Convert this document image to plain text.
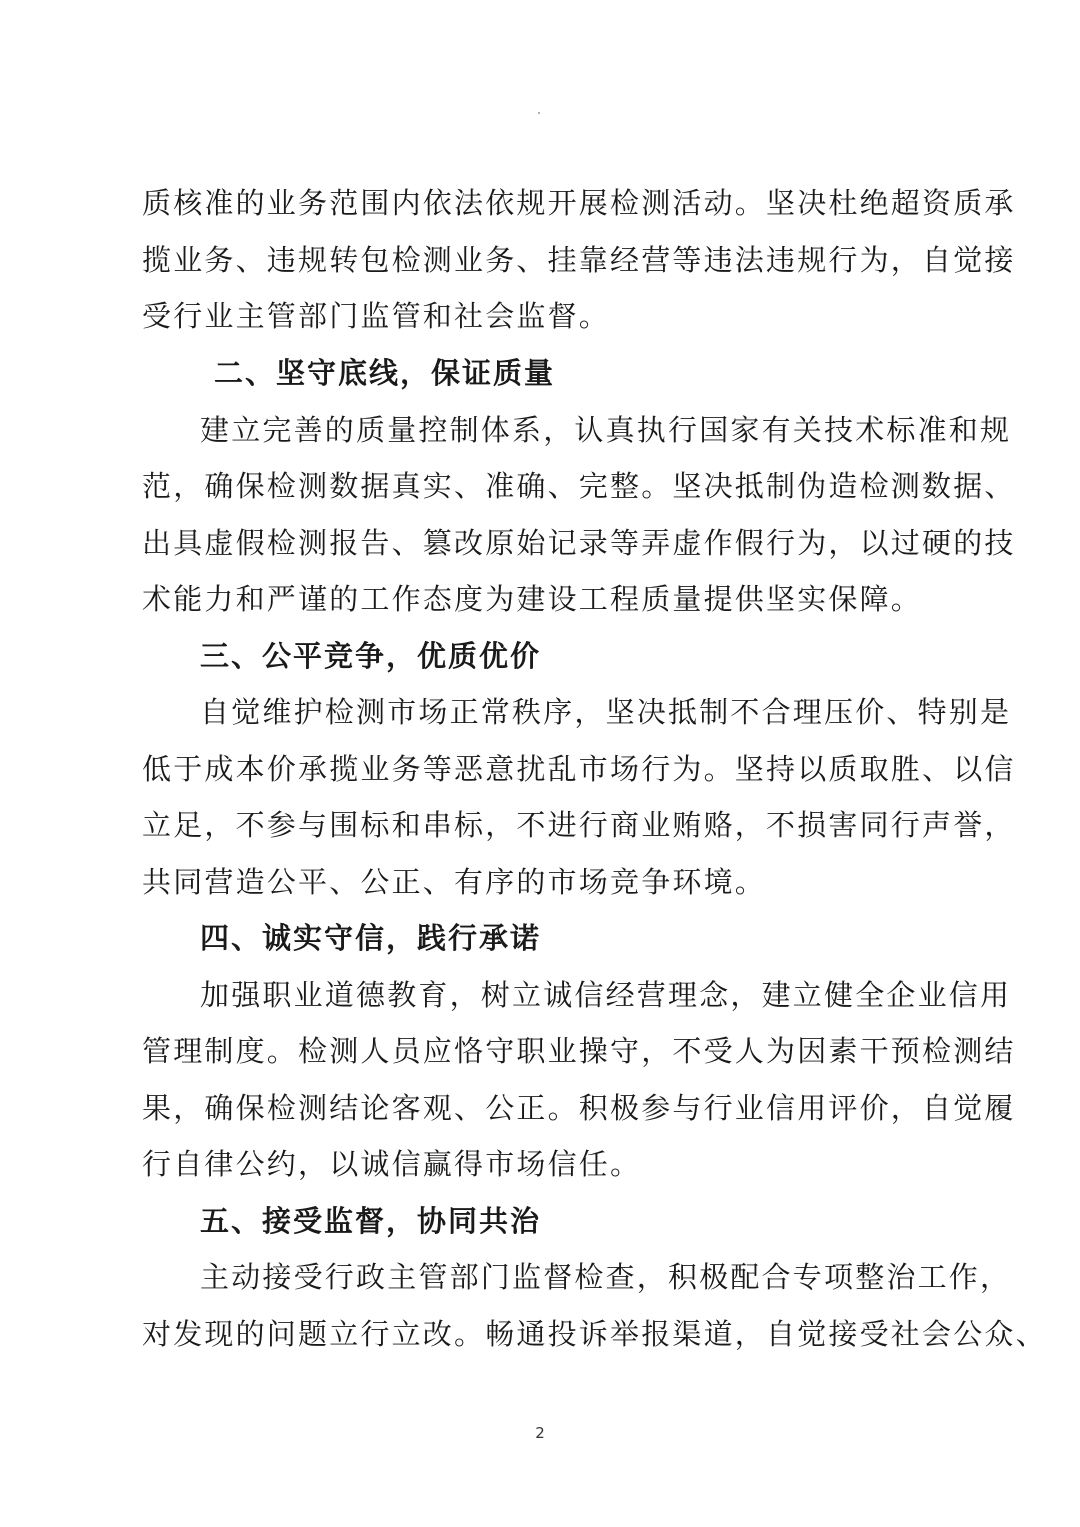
质核准的业务范围内依法依规开展检测活动。坚决杜绝超资质承
揽业务、违规转包检测业务、挂靠经营等违法违规行为，自觉接
受行业主管部门监管和社会监督。
二、坚守底线，保证质量
建立完善的质量控制体系，认真执行国家有关技术标准和规
范，确保检测数据真实、准确、完整。坚决抵制伪造检测数据、
出具虚假检测报告、篡改原始记录等弄虚作假行为，以过硬的技
术能力和严谨的工作态度为建设工程质量提供坚实保障。
三、公平竞争，优质优价
自觉维护检测市场正常秩序，坚决抵制不合理压价、特别是
低于成本价承揽业务等恶意扰乱市场行为。坚持以质取胜、以信
立足，不参与围标和串标，不进行商业贿赂，不损害同行声誉，
共同营造公平、公正、有序的市场竞争环境。
四、诚实守信，践行承诺
加强职业道德教育，树立诚信经营理念，建立健全企业信用
管理制度。检测人员应恪守职业操守，不受人为因素干预检测结
果，确保检测结论客观、公正。积极参与行业信用评价，自觉履
行自律公约，以诚信赢得市场信任。
五、接受监督，协同共治
主动接受行政主管部门监督检查，积极配合专项整治工作，
对发现的问题立行立改。畅通投诉举报渠道，自觉接受社会公众、
2
